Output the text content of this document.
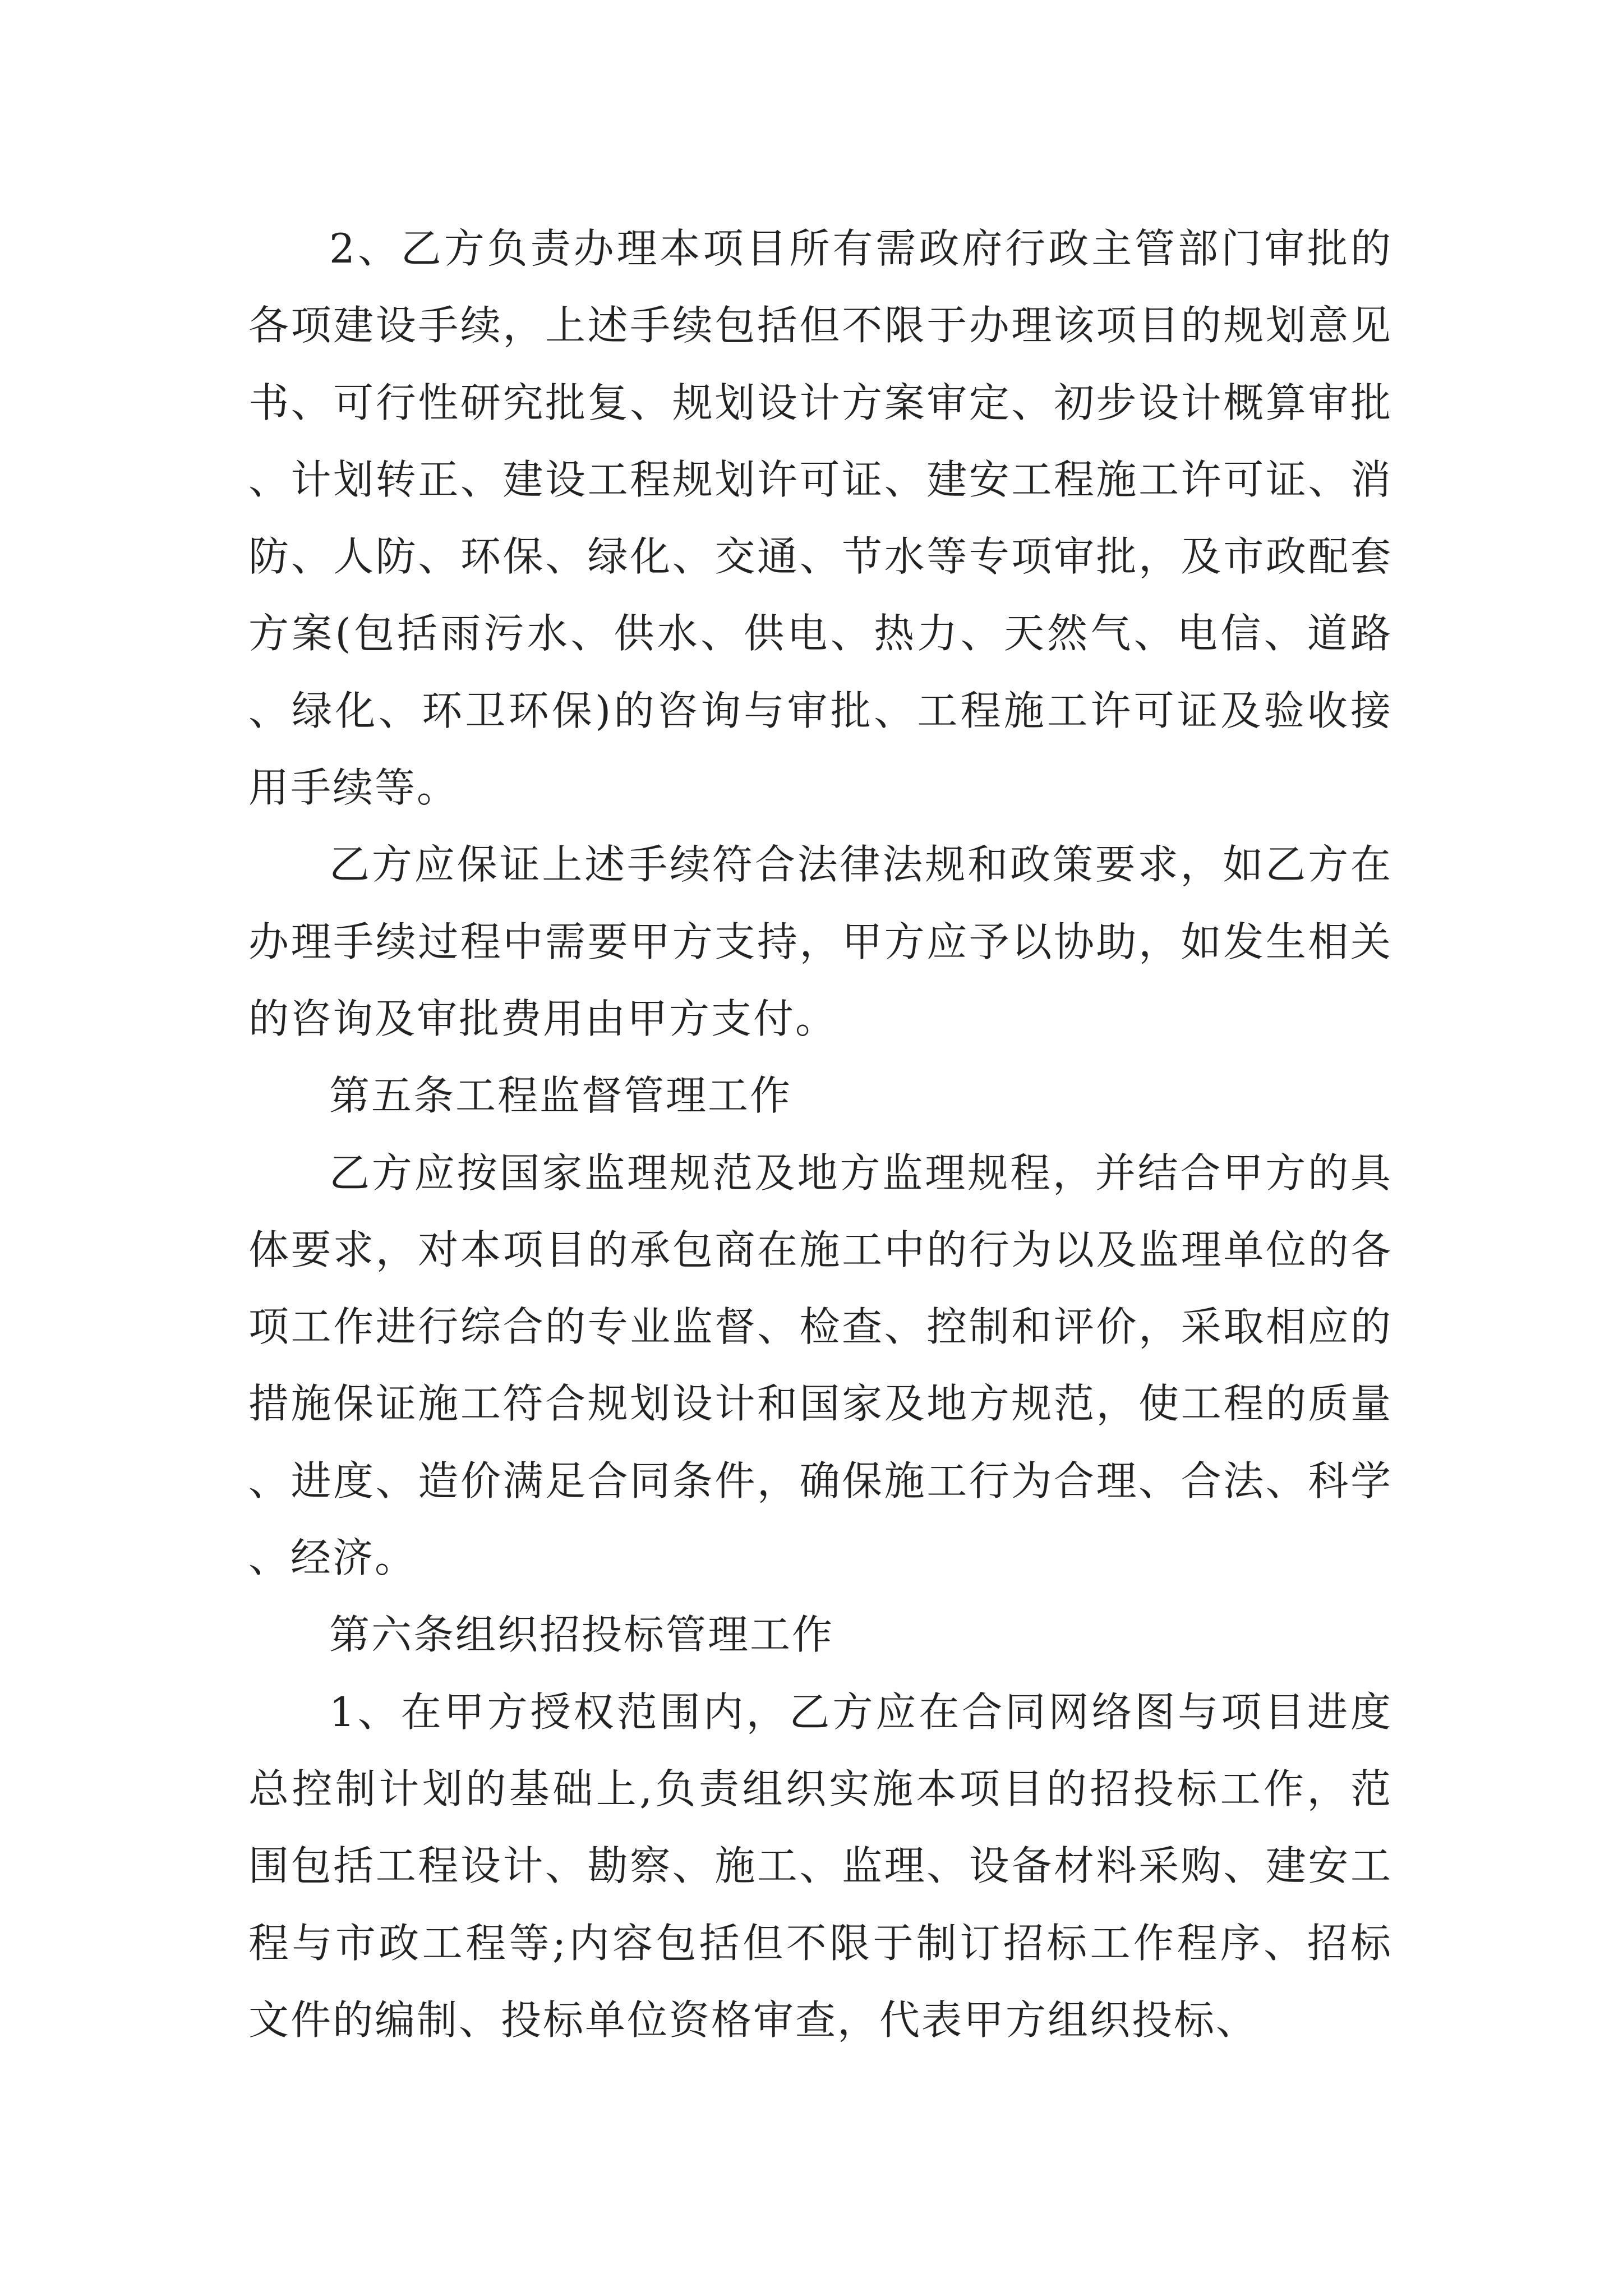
2、乙方负责办理本项目所有需政府行政主管部门审批的各项建设手续，上述手续包括但不限于办理该项目的规划意见书、可行性研究批复、规划设计方案审定、初步设计概算审批、计划转正、建设工程规划许可证、建安工程施工许可证、消防、人防、环保、绿化、交通、节水等专项审批，及市政配套方案(包括雨污水、供水、供电、热力、天然气、电信、道路、绿化、环卫环保)的咨询与审批、工程施工许可证及验收接用手续等。

乙方应保证上述手续符合法律法规和政策要求，如乙方在办理手续过程中需要甲方支持，甲方应予以协助，如发生相关的咨询及审批费用由甲方支付。

第五条工程监督管理工作

乙方应按国家监理规范及地方监理规程，并结合甲方的具体要求，对本项目的承包商在施工中的行为以及监理单位的各项工作进行综合的专业监督、检查、控制和评价，采取相应的措施保证施工符合规划设计和国家及地方规范，使工程的质量、进度、造价满足合同条件，确保施工行为合理、合法、科学、经济。

第六条组织招投标管理工作

1、在甲方授权范围内，乙方应在合同网络图与项目进度总控制计划的基础上,负责组织实施本项目的招投标工作，范围包括工程设计、勘察、施工、监理、设备材料采购、建安工程与市政工程等;内容包括但不限于制订招标工作程序、招标文件的编制、投标单位资格审查，代表甲方组织投标、
